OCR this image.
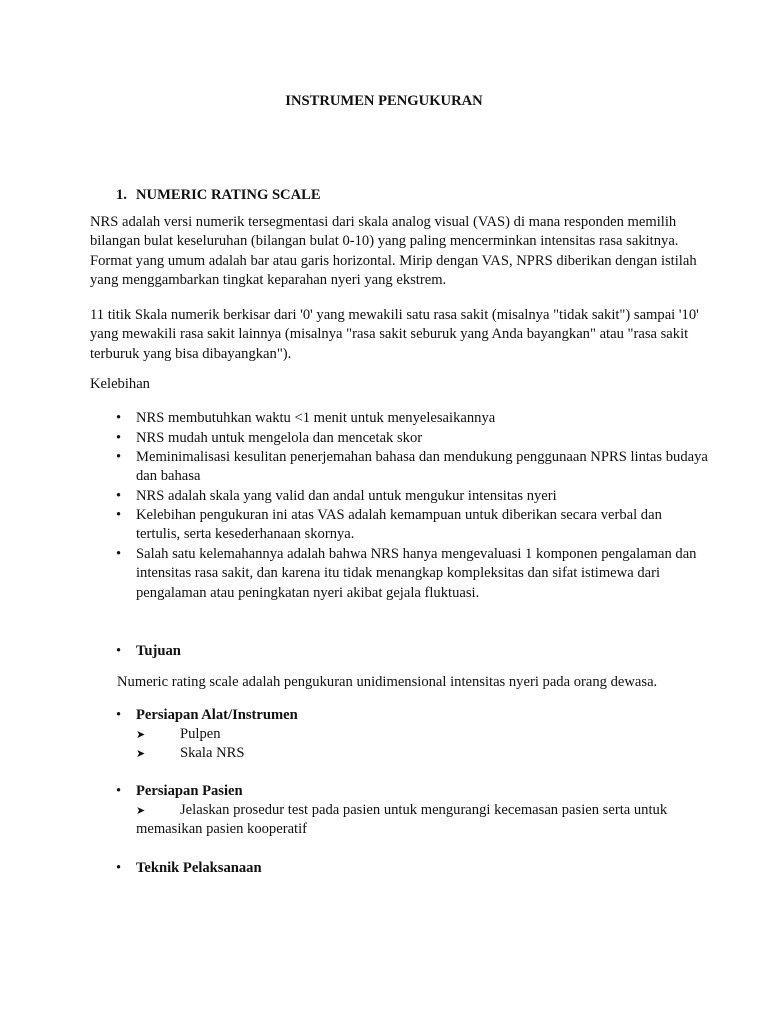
INSTRUMEN PENGUKURAN
1. NUMERIC RATING SCALE
NRS adalah versi numerik tersegmentasi dari skala analog visual (VAS) di mana responden memilih
bilangan bulat keseluruhan (bilangan bulat 0-10) yang paling mencerminkan intensitas rasa sakitnya.
Format yang umum adalah bar atau garis horizontal. Mirip dengan VAS, NPRS diberikan dengan istilah
yang menggambarkan tingkat keparahan nyeri yang ekstrem.
11 titik Skala numerik berkisar dari '0' yang mewakili satu rasa sakit (misalnya "tidak sakit") sampai '10'
yang mewakili rasa sakit lainnya (misalnya "rasa sakit seburuk yang Anda bayangkan" atau "rasa sakit
terburuk yang bisa dibayangkan").
Kelebihan
•	NRS membutuhkan waktu <1 menit untuk menyelesaikannya
•	NRS mudah untuk mengelola dan mencetak skor
•	Meminimalisasi kesulitan penerjemahan bahasa dan mendukung penggunaan NPRS lintas budaya
dan bahasa
•	NRS adalah skala yang valid dan andal untuk mengukur intensitas nyeri
•	Kelebihan pengukuran ini atas VAS adalah kemampuan untuk diberikan secara verbal dan
tertulis, serta kesederhanaan skornya.
•	Salah satu kelemahannya adalah bahwa NRS hanya mengevaluasi 1 komponen pengalaman dan
intensitas rasa sakit, dan karena itu tidak menangkap kompleksitas dan sifat istimewa dari
pengalaman atau peningkatan nyeri akibat gejala fluktuasi.
•	Tujuan
Numeric rating scale adalah pengukuran unidimensional intensitas nyeri pada orang dewasa.
•	Persiapan Alat/Instrumen
➤ Pulpen
➤ Skala NRS
•	Persiapan Pasien
➤ Jelaskan prosedur test pada pasien untuk mengurangi kecemasan pasien serta untuk
memasikan pasien kooperatif
•	Teknik Pelaksanaan
